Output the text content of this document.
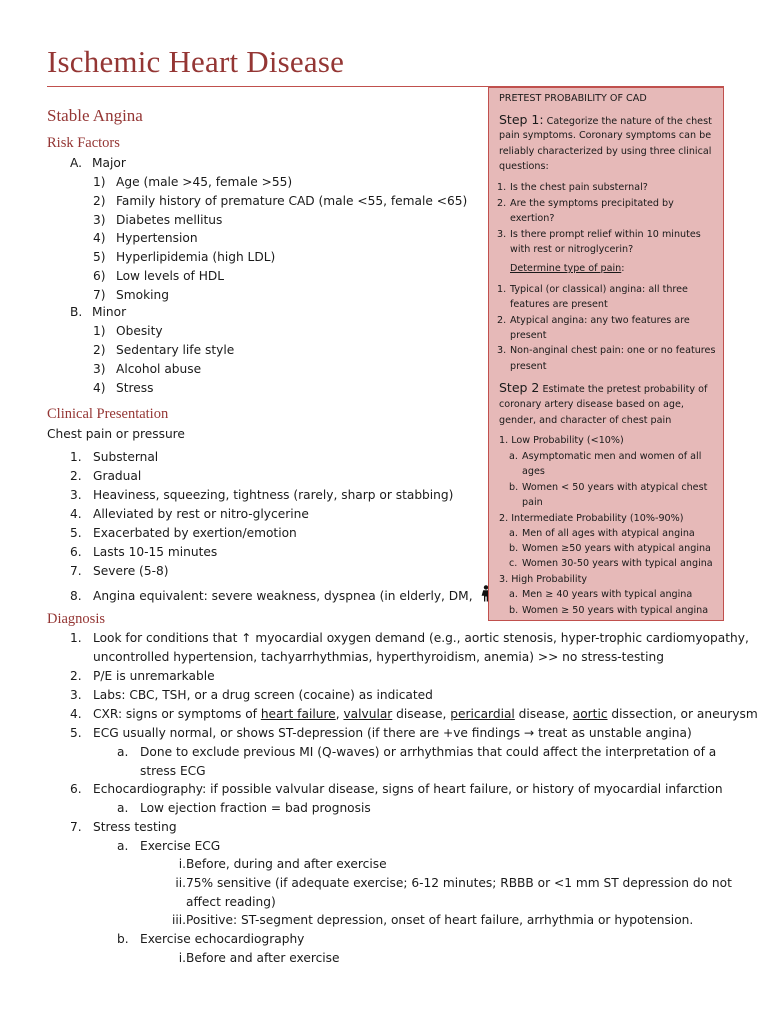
Ischemic Heart Disease
Stable Angina
Risk Factors
A. Major
1) Age (male >45, female >55)
2) Family history of premature CAD (male <55, female <65)
3) Diabetes mellitus
4) Hypertension
5) Hyperlipidemia (high LDL)
6) Low levels of HDL
7) Smoking
B. Minor
1) Obesity
2) Sedentary life style
3) Alcohol abuse
4) Stress
Clinical Presentation
Chest pain or pressure
1. Substernal
2. Gradual
3. Heaviness, squeezing, tightness (rarely, sharp or stabbing)
4. Alleviated by rest or nitro-glycerine
5. Exacerbated by exertion/emotion
6. Lasts 10-15 minutes
7. Severe (5-8)
8. Angina equivalent: severe weakness, dyspnea (in elderly, DM,
Diagnosis
1. Look for conditions that ↑ myocardial oxygen demand (e.g., aortic stenosis, hyper-trophic cardiomyopathy,
uncontrolled hypertension, tachyarrhythmias, hyperthyroidism, anemia) >> no stress-testing
2. P/E is unremarkable
3. Labs: CBC, TSH, or a drug screen (cocaine) as indicated
4. CXR: signs or symptoms of heart failure, valvular disease, pericardial disease, aortic dissection, or aneurysm
5. ECG usually normal, or shows ST-depression (if there are +ve findings → treat as unstable angina)
a. Done to exclude previous MI (Q-waves) or arrhythmias that could affect the interpretation of a
stress ECG
6. Echocardiography: if possible valvular disease, signs of heart failure, or history of myocardial infarction
a. Low ejection fraction = bad prognosis
7. Stress testing
a. Exercise ECG
i.Before, during and after exercise
ii.75% sensitive (if adequate exercise; 6-12 minutes; RBBB or <1 mm ST depression do not
affect reading)
iii.Positive: ST-segment depression, onset of heart failure, arrhythmia or hypotension.
b. Exercise echocardiography
i.Before and after exercise
PRETEST PROBABILITY OF CAD
Step 1: Categorize the nature of the chest
pain symptoms. Coronary symptoms can be
reliably characterized by using three clinical
questions:
1. Is the chest pain substernal?
2. Are the symptoms precipitated by
exertion?
3. Is there prompt relief within 10 minutes
with rest or nitroglycerin?
Determine type of pain:
1. Typical (or classical) angina: all three
features are present
2. Atypical angina: any two features are
present
3. Non-anginal chest pain: one or no features
present
Step 2 Estimate the pretest probability of
coronary artery disease based on age,
gender, and character of chest pain
1. Low Probability (<10%)
a. Asymptomatic men and women of all
ages
b. Women < 50 years with atypical chest
pain
2. Intermediate Probability (10%-90%)
a. Men of all ages with atypical angina
b. Women ≥50 years with atypical angina
c. Women 30-50 years with typical angina
3. High Probability
a. Men ≥ 40 years with typical angina
b. Women ≥ 50 years with typical angina
